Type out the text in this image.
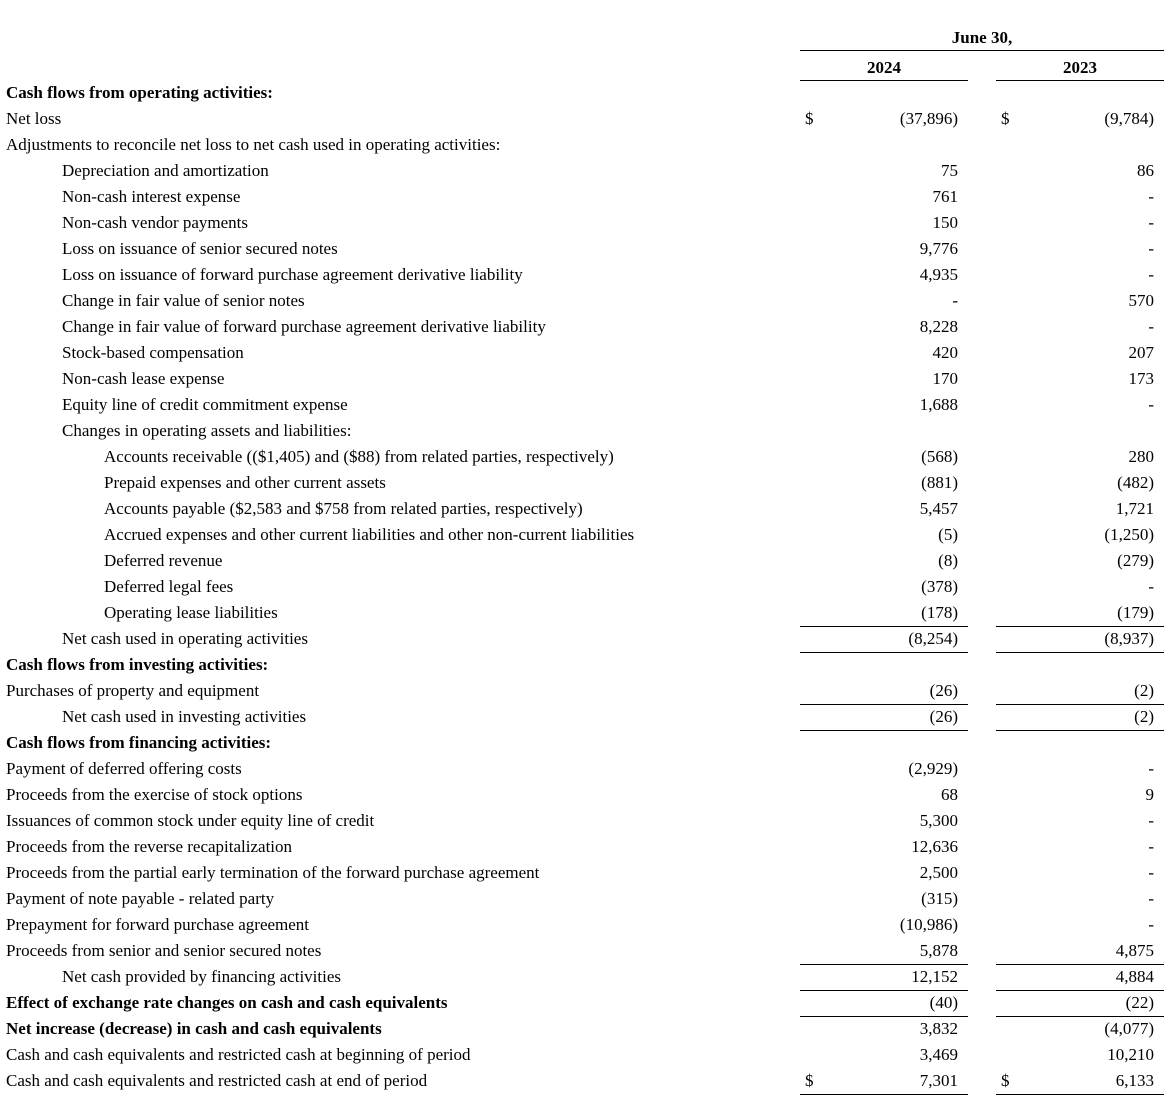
	June 30,				
	2024			2023	
Cash flows from operating activities:					
Net loss	$	(37,896)		$	(9,784)
Adjustments to reconcile net loss to net cash used in operating activities:					
Depreciation and amortization		75			86
Non-cash interest expense		761			-
Non-cash vendor payments		150			-
Loss on issuance of senior secured notes		9,776			-
Loss on issuance of forward purchase agreement derivative liability		4,935			-
Change in fair value of senior notes		-			570
Change in fair value of forward purchase agreement derivative liability		8,228			-
Stock-based compensation		420			207
Non-cash lease expense		170			173
Equity line of credit commitment expense		1,688			-
Changes in operating assets and liabilities:					
Accounts receivable (($1,405) and ($88) from related parties, respectively)		(568)			280
Prepaid expenses and other current assets		(881)			(482)
Accounts payable ($2,583 and $758 from related parties, respectively)		5,457			1,721
Accrued expenses and other current liabilities and other non-current liabilities		(5)			(1,250)
Deferred revenue		(8)			(279)
Deferred legal fees		(378)			-
Operating lease liabilities		(178)			(179)
Net cash used in operating activities		(8,254)			(8,937)
Cash flows from investing activities:					
Purchases of property and equipment		(26)			(2)
Net cash used in investing activities		(26)			(2)
Cash flows from financing activities:					
Payment of deferred offering costs		(2,929)			-
Proceeds from the exercise of stock options		68			9
Issuances of common stock under equity line of credit		5,300			-
Proceeds from the reverse recapitalization		12,636			-
Proceeds from the partial early termination of the forward purchase agreement		2,500			-
Payment of note payable - related party		(315)			-
Prepayment for forward purchase agreement		(10,986)			-
Proceeds from senior and senior secured notes		5,878			4,875
Net cash provided by financing activities		12,152			4,884
Effect of exchange rate changes on cash and cash equivalents		(40)			(22)
Net increase (decrease) in cash and cash equivalents		3,832			(4,077)
Cash and cash equivalents and restricted cash at beginning of period		3,469			10,210
Cash and cash equivalents and restricted cash at end of period	$	7,301		$	6,133
